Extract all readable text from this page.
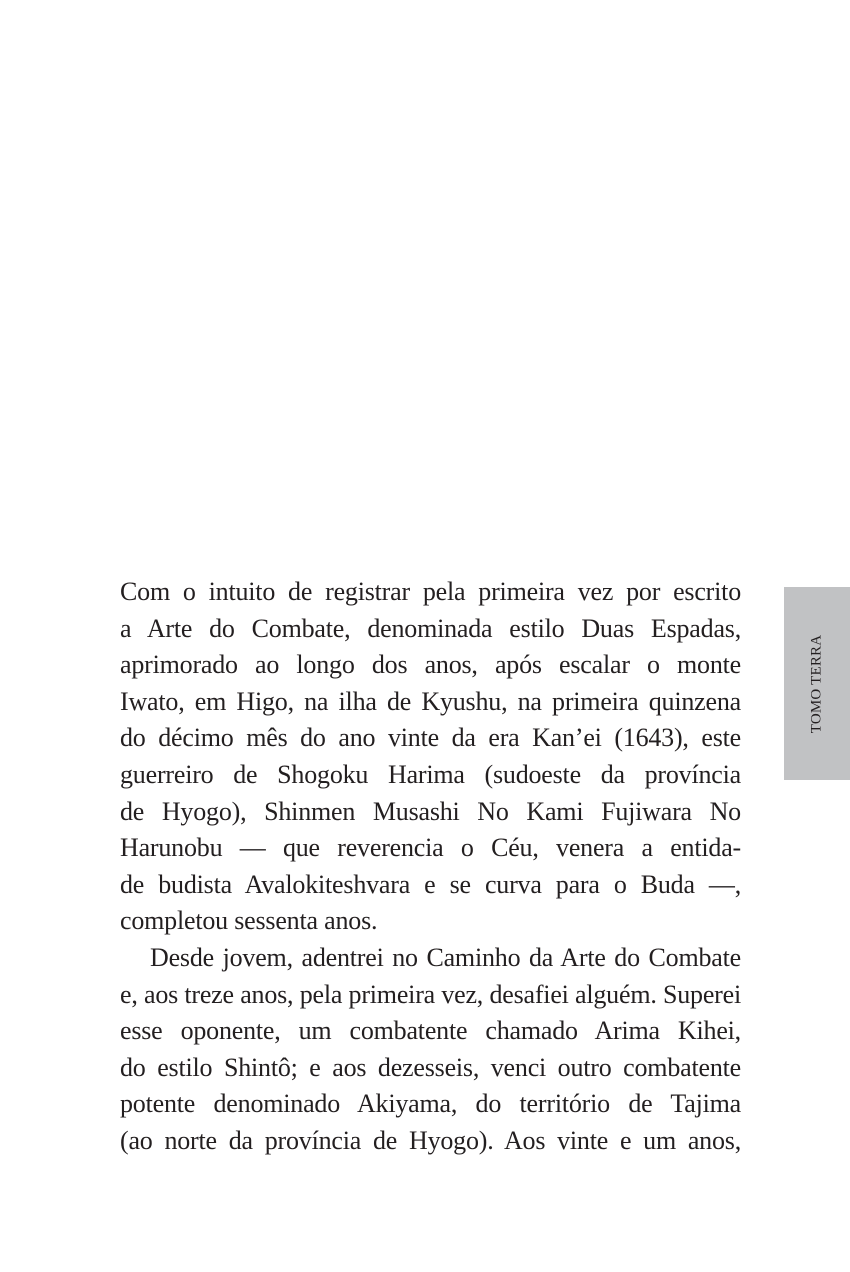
Com o intuito de registrar pela primeira vez por escrito
a Arte do Combate, denominada estilo Duas Espadas,
aprimorado ao longo dos anos, após escalar o monte
Iwato, em Higo, na ilha de Kyushu, na primeira quinzena
do décimo mês do ano vinte da era Kan’ei (1643), este
guerreiro de Shogoku Harima (sudoeste da província
de Hyogo), Shinmen Musashi No Kami Fujiwara No
Harunobu — que reverencia o Céu, venera a entida-
de budista Avalokiteshvara e se curva para o Buda —,
completou sessenta anos.
Desde jovem, adentrei no Caminho da Arte do Combate
e, aos treze anos, pela primeira vez, desafiei alguém. Superei
esse oponente, um combatente chamado Arima Kihei,
do estilo Shintô; e aos dezesseis, venci outro combatente
potente denominado Akiyama, do território de Tajima
(ao norte da província de Hyogo). Aos vinte e um anos,
TOMO TERRA
